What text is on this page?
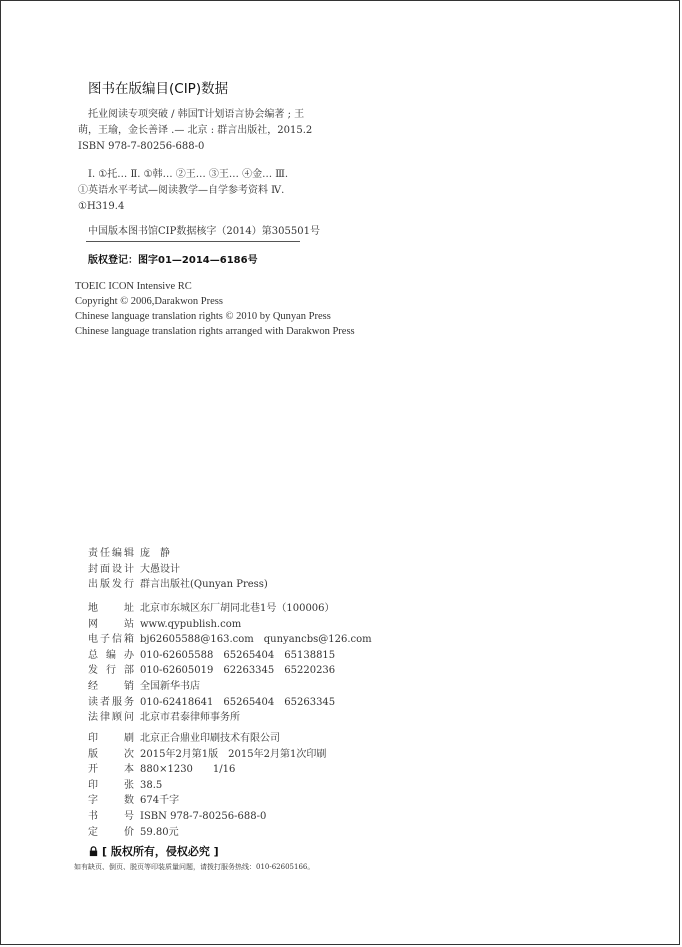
图书在版编目(CIP)数据
托业阅读专项突破 / 韩国T计划语言协会编著 ; 王
萌，王瑜，金长善译 .— 北京 : 群言出版社，2015.2
ISBN 978-7-80256-688-0
Ⅰ. ①托… Ⅱ. ①韩… ②王… ③王… ④金… Ⅲ.
①英语水平考试—阅读教学—自学参考资料 Ⅳ.
①H319.4
中国版本图书馆CIP数据核字（2014）第305501号
版权登记：图字01—2014—6186号
TOEIC ICON Intensive RC
Copyright © 2006,Darakwon Press
Chinese language translation rights © 2010 by Qunyan Press
Chinese language translation rights arranged with Darakwon Press
责任编辑 庞　静
封面设计 大愚设计
出版发行 群言出版社(Qunyan Press)
地　　址 北京市东城区东厂胡同北巷1号（100006）
网　　站 www.qypublish.com
电子信箱 bj62605588@163.com　qunyancbs@126.com
总 编 办 010-62605588　65265404　65138815
发 行 部 010-62605019　62263345　65220236
经　　销 全国新华书店
读者服务 010-62418641　65265404　65263345
法律顾问 北京市君泰律师事务所
印　　刷 北京正合鼎业印刷技术有限公司
版　　次 2015年2月第1版　2015年2月第1次印刷
开　　本 880×1230　　1/16
印　　张 38.5
字　　数 674千字
书　　号 ISBN 978-7-80256-688-0
定　　价 59.80元
[ 版权所有，侵权必究 ]
如有缺页、倒页、脱页等印装质量问题，请拨打服务热线：010-62605166。
